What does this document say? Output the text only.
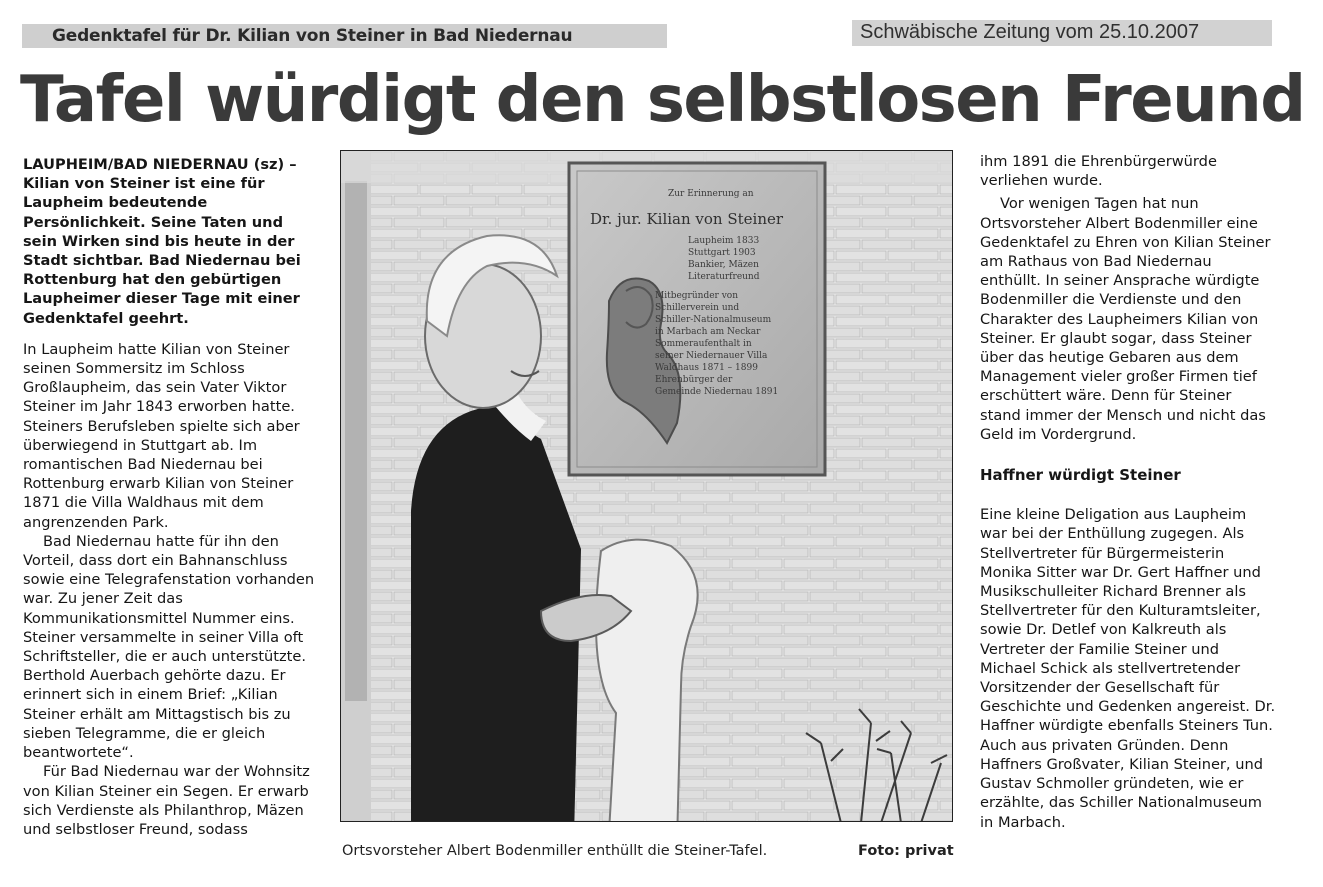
Gedenktafel für Dr. Kilian von Steiner in Bad Niedernau	Schwäbische Zeitung vom 25.10.2007
Tafel würdigt den selbstlosen Freund

LAUPHEIM/BAD NIEDERNAU (sz) – Kilian von Steiner ist eine für Laupheim bedeutende Persönlichkeit. Seine Taten und sein Wirken sind bis heute in der Stadt sichtbar. Bad Niedernau bei Rottenburg hat den gebürtigen Laupheimer dieser Tage mit einer Gedenktafel geehrt.

In Laupheim hatte Kilian von Steiner seinen Sommersitz im Schloss Großlaupheim, das sein Vater Viktor Steiner im Jahr 1843 erworben hatte. Steiners Berufsleben spielte sich aber überwiegend in Stuttgart ab. Im romantischen Bad Niedernau bei Rottenburg erwarb Kilian von Steiner 1871 die Villa Waldhaus mit dem angrenzenden Park.

Bad Niedernau hatte für ihn den Vorteil, dass dort ein Bahnanschluss sowie eine Telegrafenstation vorhanden war. Zu jener Zeit das Kommunikationsmittel Nummer eins. Steiner versammelte in seiner Villa oft Schriftsteller, die er auch unterstützte. Berthold Auerbach gehörte dazu. Er erinnert sich in einem Brief: „Kilian Steiner erhält am Mittagstisch bis zu sieben Telegramme, die er gleich beantwortete“.

Für Bad Niedernau war der Wohnsitz von Kilian Steiner ein Segen. Er erwarb sich Verdienste als Philanthrop, Mäzen und selbstloser Freund, sodass

Zur Erinnerung an
Dr. jur. Kilian von Steiner
Laupheim 1833
Stuttgart 1903
Bankier, Mäzen
Literaturfreund
Mitbegründer von
Schillerverein und
Schiller-Nationalmuseum
in Marbach am Neckar
Sommeraufenthalt in
seiner Niedernauer Villa
Waldhaus 1871 – 1899
Ehrenbürger der
Gemeinde Niedernau 1891
Ortsvorsteher Albert Bodenmiller enthüllt die Steiner-Tafel.	Foto: privat

ihm 1891 die Ehrenbürgerwürde verliehen wurde.

Vor wenigen Tagen hat nun Ortsvorsteher Albert Bodenmiller eine Gedenktafel zu Ehren von Kilian Steiner am Rathaus von Bad Niedernau enthüllt. In seiner Ansprache würdigte Bodenmiller die Verdienste und den Charakter des Laupheimers Kilian von Steiner. Er glaubt sogar, dass Steiner über das heutige Gebaren aus dem Management vieler großer Firmen tief erschüttert wäre. Denn für Steiner stand immer der Mensch und nicht das Geld im Vordergrund.

Haffner würdigt Steiner

Eine kleine Deligation aus Laupheim war bei der Enthüllung zugegen. Als Stellvertreter für Bürgermeisterin Monika Sitter war Dr. Gert Haffner und Musikschulleiter Richard Brenner als Stellvertreter für den Kulturamtsleiter, sowie Dr. Detlef von Kalkreuth als Vertreter der Familie Steiner und Michael Schick als stellvertretender Vorsitzender der Gesellschaft für Geschichte und Gedenken angereist. Dr. Haffner würdigte ebenfalls Steiners Tun. Auch aus privaten Gründen. Denn Haffners Großvater, Kilian Steiner, und Gustav Schmoller gründeten, wie er erzählte, das Schiller Nationalmuseum in Marbach.
